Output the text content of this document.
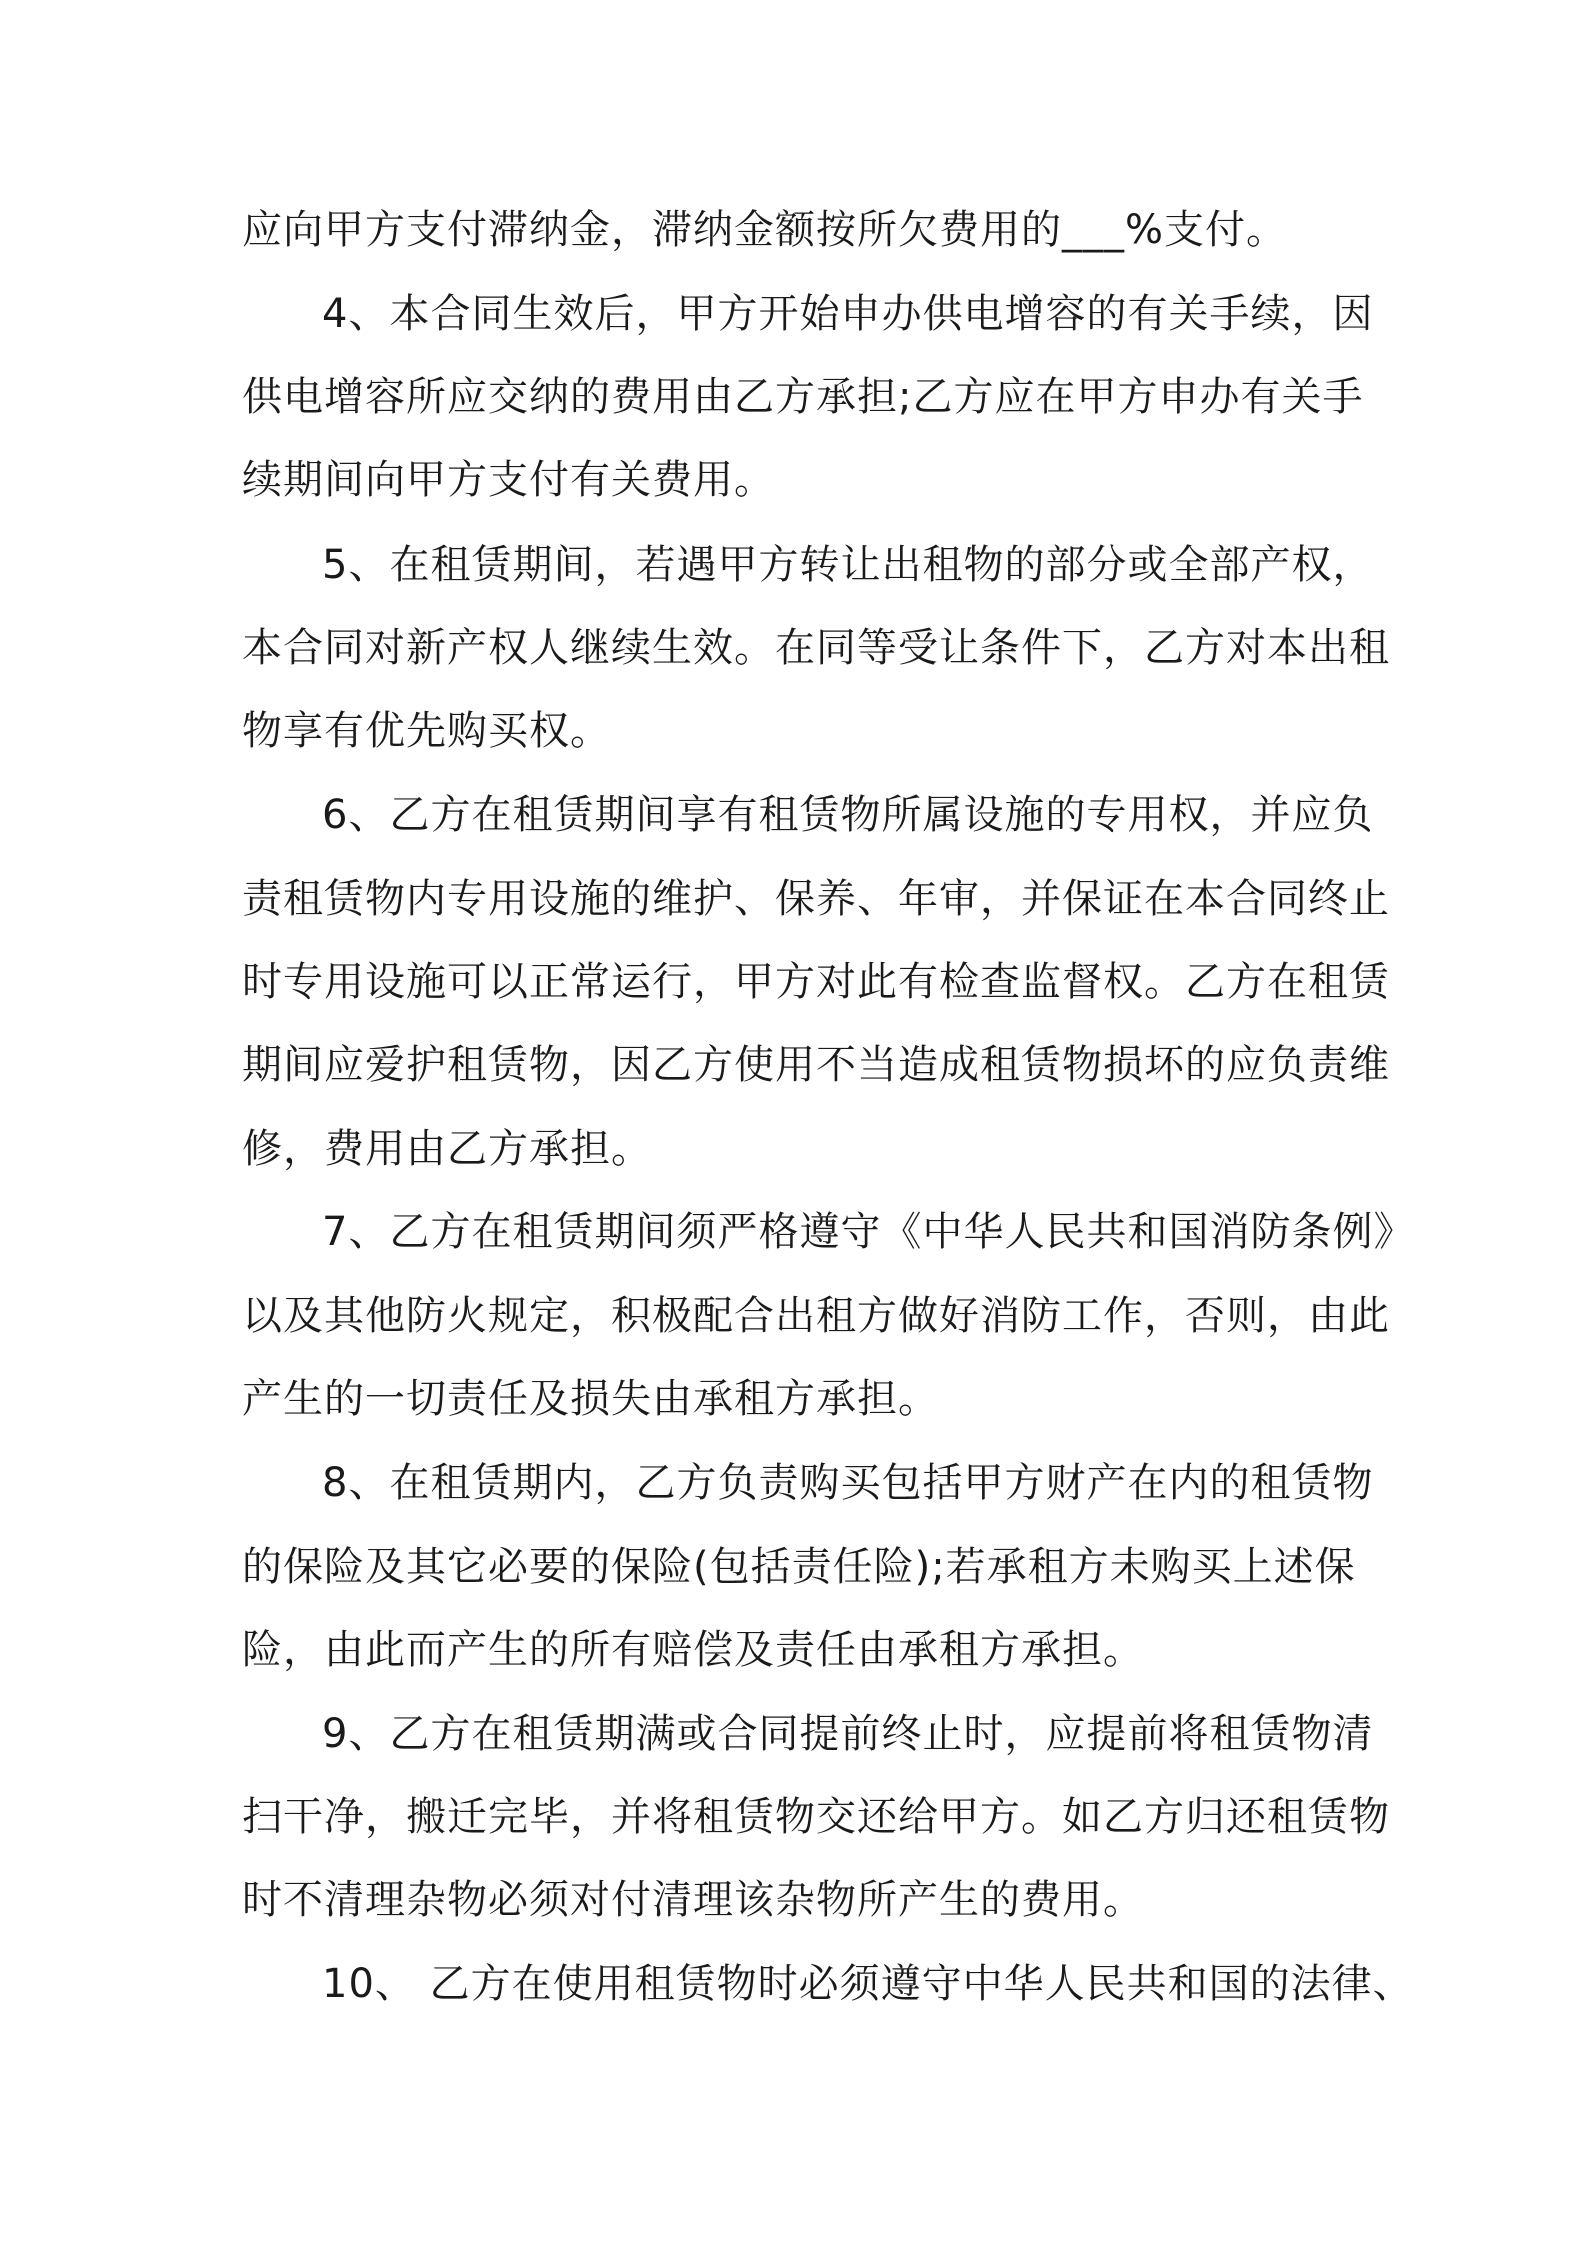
应向甲方支付滞纳金，滞纳金额按所欠费用的___%支付。

4、本合同生效后，甲方开始申办供电增容的有关手续，因

供电增容所应交纳的费用由乙方承担;乙方应在甲方申办有关手

续期间向甲方支付有关费用。

5、在租赁期间，若遇甲方转让出租物的部分或全部产权，

本合同对新产权人继续生效。在同等受让条件下，乙方对本出租

物享有优先购买权。

6、乙方在租赁期间享有租赁物所属设施的专用权，并应负

责租赁物内专用设施的维护、保养、年审，并保证在本合同终止

时专用设施可以正常运行，甲方对此有检查监督权。乙方在租赁

期间应爱护租赁物，因乙方使用不当造成租赁物损坏的应负责维

修，费用由乙方承担。

7、乙方在租赁期间须严格遵守《中华人民共和国消防条例》

以及其他防火规定，积极配合出租方做好消防工作，否则，由此

产生的一切责任及损失由承租方承担。

8、在租赁期内，乙方负责购买包括甲方财产在内的租赁物

的保险及其它必要的保险(包括责任险);若承租方未购买上述保

险，由此而产生的所有赔偿及责任由承租方承担。

9、乙方在租赁期满或合同提前终止时，应提前将租赁物清

扫干净，搬迁完毕，并将租赁物交还给甲方。如乙方归还租赁物

时不清理杂物必须对付清理该杂物所产生的费用。

10、 乙方在使用租赁物时必须遵守中华人民共和国的法律、
